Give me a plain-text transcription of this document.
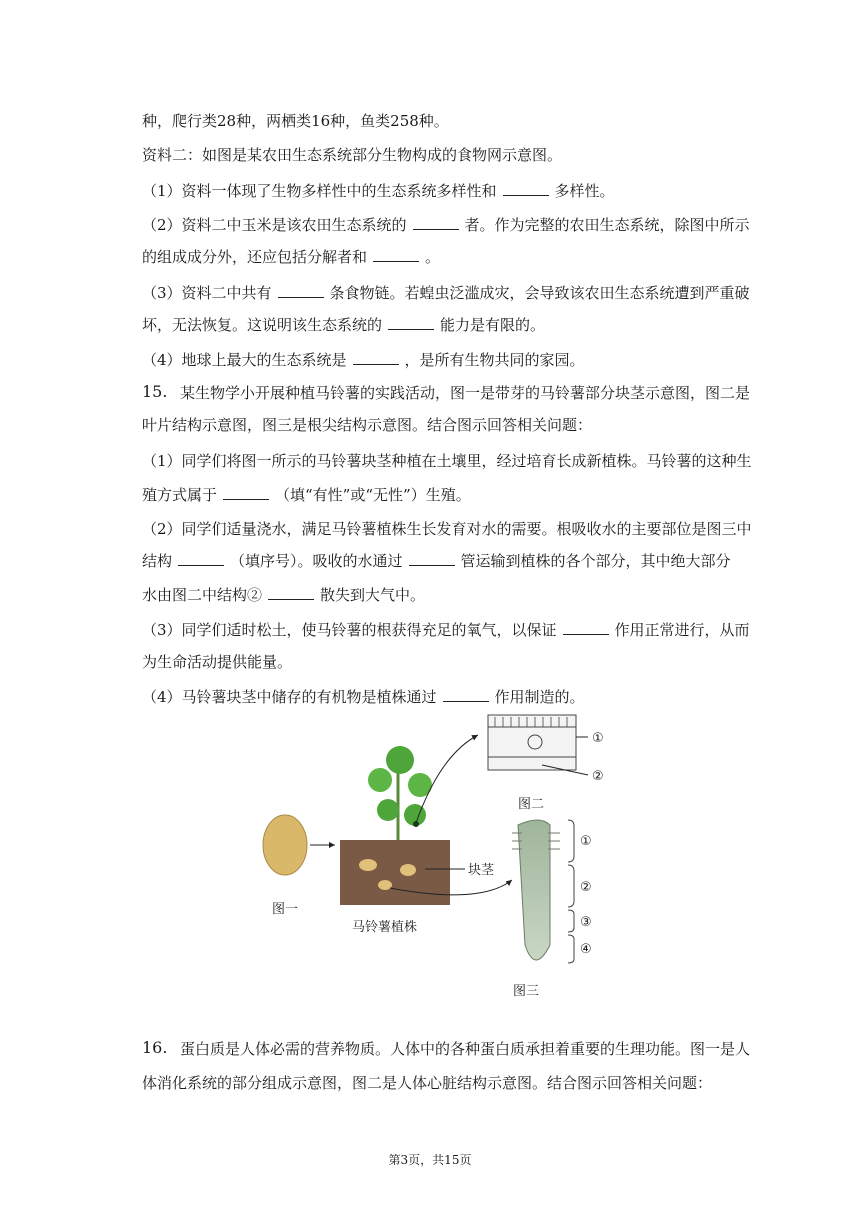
种，爬行类28种，两栖类16种，鱼类258种。
资料二：如图是某农田生态系统部分生物构成的食物网示意图。
（1）资料一体现了生物多样性中的生态系统多样性和	多样性。
（2）资料二中玉米是该农田生态系统的	者。作为完整的农田生态系统，除图中所示
的组成成分外，还应包括分解者和	。
（3）资料二中共有	条食物链。若蝗虫泛滥成灾，会导致该农田生态系统遭到严重破
坏，无法恢复。这说明该生态系统的	能力是有限的。
（4）地球上最大的生态系统是	，是所有生物共同的家园。
15. 某生物学小开展种植马铃薯的实践活动，图一是带芽的马铃薯部分块茎示意图，图二是
叶片结构示意图，图三是根尖结构示意图。结合图示回答相关问题：
（1）同学们将图一所示的马铃薯块茎种植在土壤里，经过培育长成新植株。马铃薯的这种生
殖方式属于	（填“有性”或“无性”）生殖。
（2）同学们适量浇水，满足马铃薯植株生长发育对水的需要。根吸收水的主要部位是图三中
结构	（填序号）。吸收的水通过	管运输到植株的各个部分，其中绝大部分
水由图二中结构②	散失到大气中。
（3）同学们适时松土，使马铃薯的根获得充足的氧气，以保证	作用正常进行，从而
为生命活动提供能量。
（4）马铃薯块茎中储存的有机物是植株通过	作用制造的。
块茎
①
②
图二
①
②
③
④
图一
马铃薯植株
图三
16. 蛋白质是人体必需的营养物质。人体中的各种蛋白质承担着重要的生理功能。图一是人
体消化系统的部分组成示意图，图二是人体心脏结构示意图。结合图示回答相关问题：
第3页，共15页
